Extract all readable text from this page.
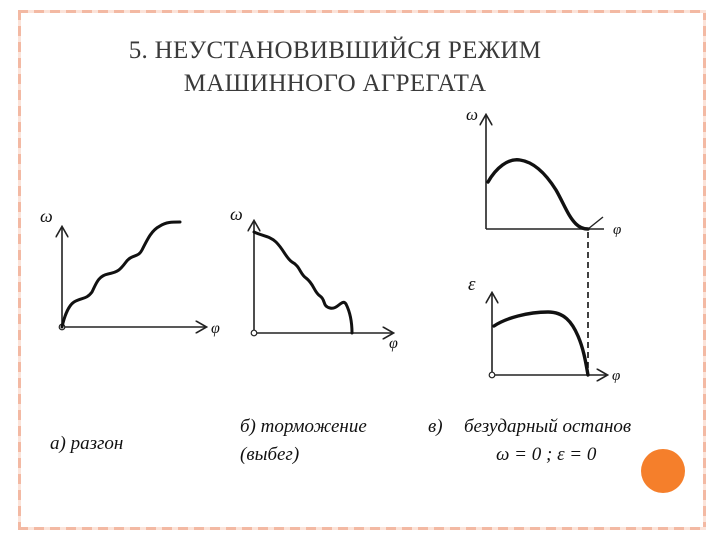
5. НЕУСТАНОВИВШИЙСЯ РЕЖИМ
МАШИННОГО АГРЕГАТА
ω
φ
ω
φ
ω
φ
ε
φ
а) разгон
б) торможение
(выбег)
в) безударный останов
ω = 0 ; ε = 0
